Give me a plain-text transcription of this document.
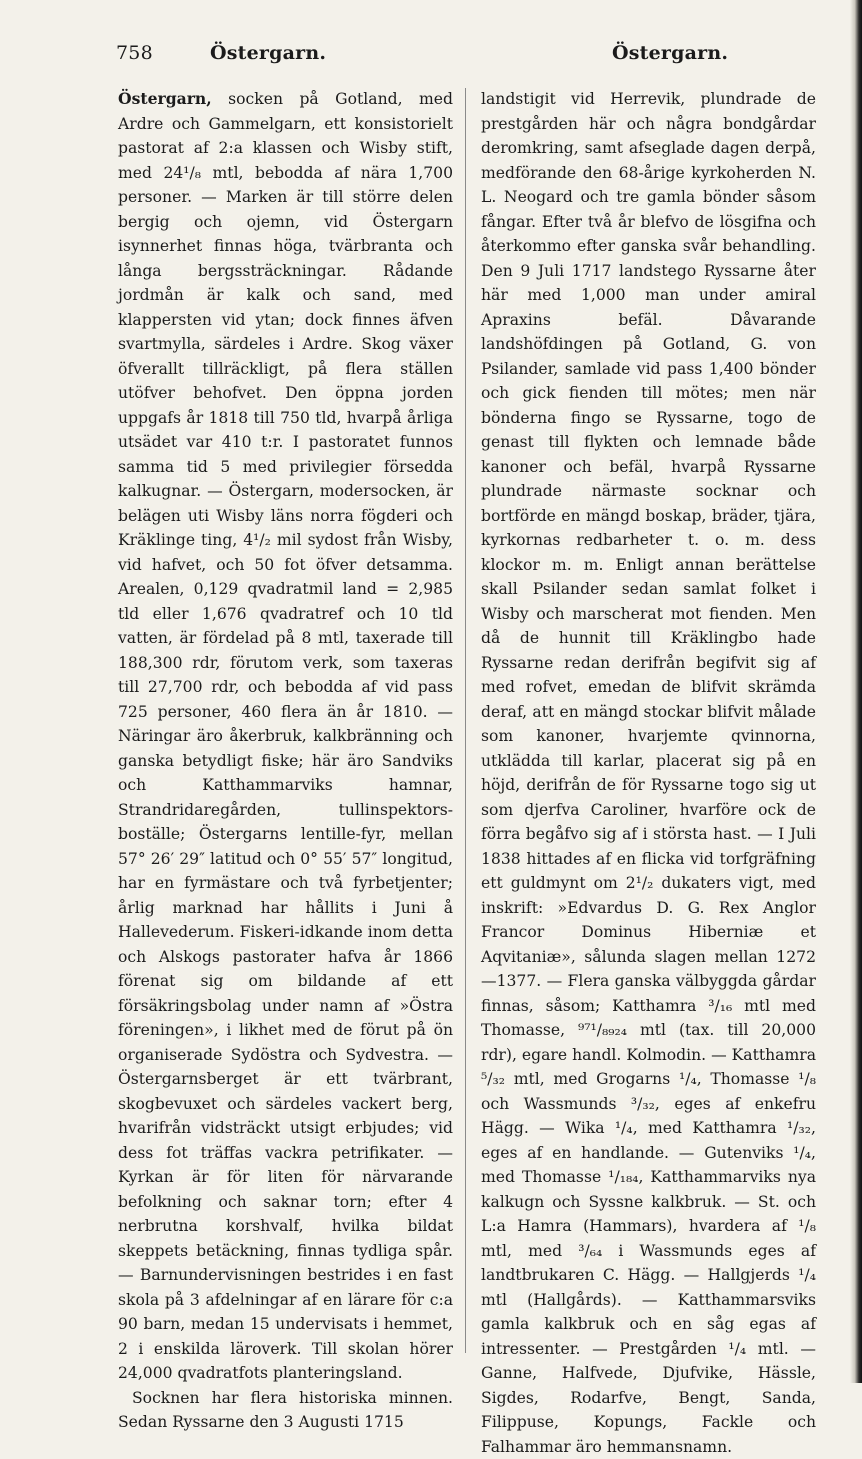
758	Östergarn.	Östergarn.

Östergarn, socken på Gotland, med Ardre och Gammelgarn, ett konsistorielt pastorat af 2:a klassen och Wisby stift, med 24¹/₈ mtl, bebodda af nära 1,700 personer. — Marken är till större delen bergig och ojemn, vid Östergarn isynnerhet finnas höga, tvärbranta och långa bergssträckningar. Rådande jordmån är kalk och sand, med klappersten vid ytan; dock finnes äfven svartmylla, särdeles i Ardre. Skog växer öfverallt tillräckligt, på flera ställen utöfver behofvet. Den öppna jorden uppgafs år 1818 till 750 tld, hvarpå årliga utsädet var 410 t:r. I pastoratet funnos samma tid 5 med privilegier försedda kalkugnar. — Östergarn, modersocken, är belägen uti Wisby läns norra fögderi och Kräklinge ting, 4¹/₂ mil sydost från Wisby, vid hafvet, och 50 fot öfver detsamma. Arealen, 0,129 qvadratmil land = 2,985 tld eller 1,676 qvadratref och 10 tld vatten, är fördelad på 8 mtl, taxerade till 188,300 rdr, förutom verk, som taxeras till 27,700 rdr, och bebodda af vid pass 725 personer, 460 flera än år 1810. — Näringar äro åkerbruk, kalkbränning och ganska betydligt fiske; här äro Sandviks och Katthammarviks hamnar, Strandridaregården, tullinspektors-boställe; Östergarns lentille-fyr, mellan 57° 26′ 29″ latitud och 0° 55′ 57″ longitud, har en fyrmästare och två fyrbetjenter; årlig marknad har hållits i Juni å Hallevederum. Fiskeri-idkande inom detta och Alskogs pastorater hafva år 1866 förenat sig om bildande af ett försäkringsbolag under namn af »Östra föreningen», i likhet med de förut på ön organiserade Sydöstra och Sydvestra. — Östergarnsberget är ett tvärbrant, skogbevuxet och särdeles vackert berg, hvarifrån vidsträckt utsigt erbjudes; vid dess fot träffas vackra petrifikater. — Kyrkan är för liten för närvarande befolkning och saknar torn; efter 4 nerbrutna korshvalf, hvilka bildat skeppets betäckning, finnas tydliga spår. — Barnundervisningen bestrides i en fast skola på 3 afdelningar af en lärare för c:a 90 barn, medan 15 undervisats i hemmet, 2 i enskilda läroverk. Till skolan hörer 24,000 qvadratfots planteringsland.

Socknen har flera historiska minnen. Sedan Ryssarne den 3 Augusti 1715

landstigit vid Herrevik, plundrade de prestgården här och några bondgårdar deromkring, samt afseglade dagen derpå, medförande den 68-årige kyrkoherden N. L. Neogard och tre gamla bönder såsom fångar. Efter två år blefvo de lösgifna och återkommo efter ganska svår behandling. Den 9 Juli 1717 landstego Ryssarne åter här med 1,000 man under amiral Apraxins befäl. Dåvarande landshöfdingen på Gotland, G. von Psilander, samlade vid pass 1,400 bönder och gick fienden till mötes; men när bönderna fingo se Ryssarne, togo de genast till flykten och lemnade både kanoner och befäl, hvarpå Ryssarne plundrade närmaste socknar och bortförde en mängd boskap, bräder, tjära, kyrkornas redbarheter t. o. m. dess klockor m. m. Enligt annan berättelse skall Psilander sedan samlat folket i Wisby och marscherat mot fienden. Men då de hunnit till Kräklingbo hade Ryssarne redan derifrån begifvit sig af med rofvet, emedan de blifvit skrämda deraf, att en mängd stockar blifvit målade som kanoner, hvarjemte qvinnorna, utklädda till karlar, placerat sig på en höjd, derifrån de för Ryssarne togo sig ut som djerfva Caroliner, hvarföre ock de förra begåfvo sig af i största hast. — I Juli 1838 hittades af en flicka vid torfgräfning ett guldmynt om 2¹/₂ dukaters vigt, med inskrift: »Edvardus D. G. Rex Anglor Francor Dominus Hiberniæ et Aqvitaniæ», sålunda slagen mellan 1272—1377. — Flera ganska välbyggda gårdar finnas, såsom; Katthamra ³/₁₆ mtl med Thomasse, ⁹⁷¹/₈₉₂₄ mtl (tax. till 20,000 rdr), egare handl. Kolmodin. — Katthamra ⁵/₃₂ mtl, med Grogarns ¹/₄, Thomasse ¹/₈ och Wassmunds ³/₃₂, eges af enkefru Hägg. — Wika ¹/₄, med Katthamra ¹/₃₂, eges af en handlande. — Gutenviks ¹/₄, med Thomasse ¹/₁₈₄, Katthammarviks nya kalkugn och Syssne kalkbruk. — St. och L:a Hamra (Hammars), hvardera af ¹/₈ mtl, med ³/₆₄ i Wassmunds eges af landtbrukaren C. Hägg. — Hallgjerds ¹/₄ mtl (Hallgårds). — Katthammarsviks gamla kalkbruk och en såg egas af intressenter. — Prestgården ¹/₄ mtl. — Ganne, Halfvede, Djufvike, Hässle, Sigdes, Rodarfve, Bengt, Sanda, Filippuse, Kopungs, Fackle och Falhammar äro hemmansnamn.
